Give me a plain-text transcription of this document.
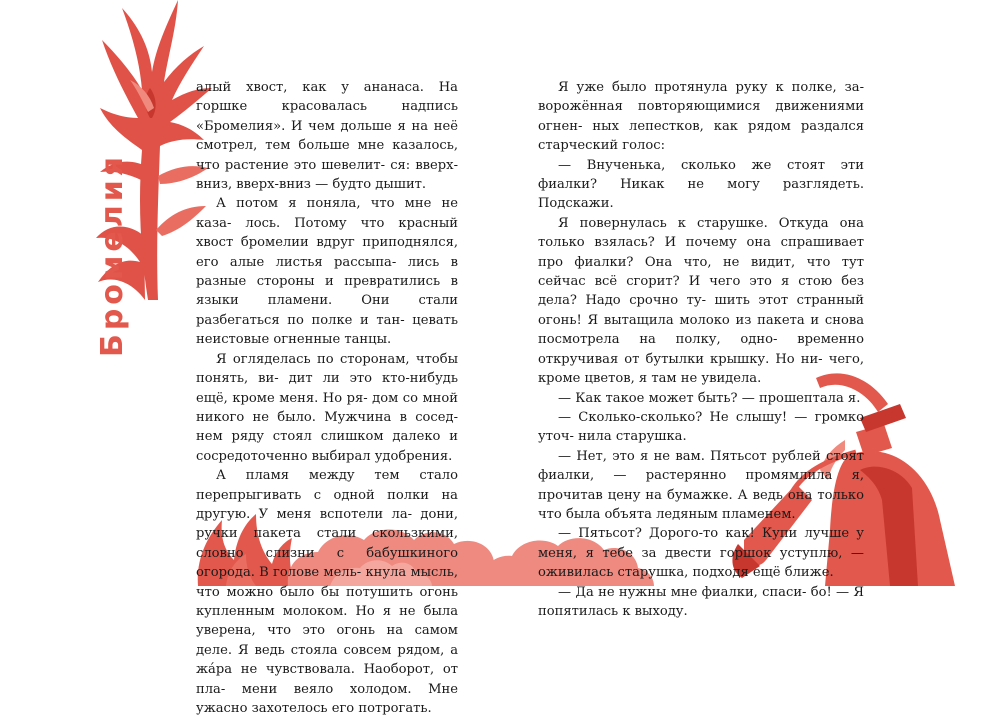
Бромелия

алый хвост, как у ананаса. На горшке красовалась надпись «Бромелия». И чем дольше я на неё смотрел, тем больше мне казалось, что растение это шевелит- ся: вверх-вниз, вверх-вниз — будто дышит.

А потом я поняла, что мне не каза- лось. Потому что красный хвост бромелии вдруг приподнялся, его алые листья рассыпа- лись в разные стороны и превратились в языки пламени. Они стали разбегаться по полке и тан- цевать неистовые огненные танцы.

Я огляделась по сторонам, чтобы понять, ви- дит ли это кто-нибудь ещё, кроме меня. Но ря- дом со мной никого не было. Мужчина в сосед- нем ряду стоял слишком далеко и сосредоточенно выбирал удобрения.

А пламя между тем стало перепрыгивать с одной полки на другую. У меня вспотели ла- дони, ручки пакета стали скользкими, словно слизни с бабушкиного огорода. В голове мель- кнула мысль, что можно было бы потушить огонь купленным молоком. Но я не была уверена, что это огонь на самом деле. Я ведь стояла совсем рядом, а жáра не чувствовала. Наоборот, от пла- мени веяло холодом. Мне ужасно захотелось его потрогать.

Я уже было протянула руку к полке, за- ворожённая повторяющимися движениями огнен- ных лепестков, как рядом раздался старческий голос:

— Внученька, сколько же стоят эти фиалки? Никак не могу разглядеть. Подскажи.

Я повернулась к старушке. Откуда она только взялась? И почему она спрашивает про фиалки? Она что, не видит, что тут сейчас всё сгорит? И чего это я стою без дела? Надо срочно ту- шить этот странный огонь! Я вытащила молоко из пакета и снова посмотрела на полку, одно- временно откручивая от бутылки крышку. Но ни- чего, кроме цветов, я там не увидела.

— Как такое может быть? — прошептала я.

— Сколько-сколько? Не слышу! — громко уточ- нила старушка.

— Нет, это я не вам. Пятьсот рублей стоят фиалки, — растерянно промямлила я, прочитав цену на бумажке. А ведь она только что была объята ледяным пламенем.

— Пятьсот? Дорого-то как! Купи лучше у меня, я тебе за двести горшок уступлю, — оживилась старушка, подходя ещё ближе.

— Да не нужны мне фиалки, спаси- бо! — Я попятилась к выходу.
